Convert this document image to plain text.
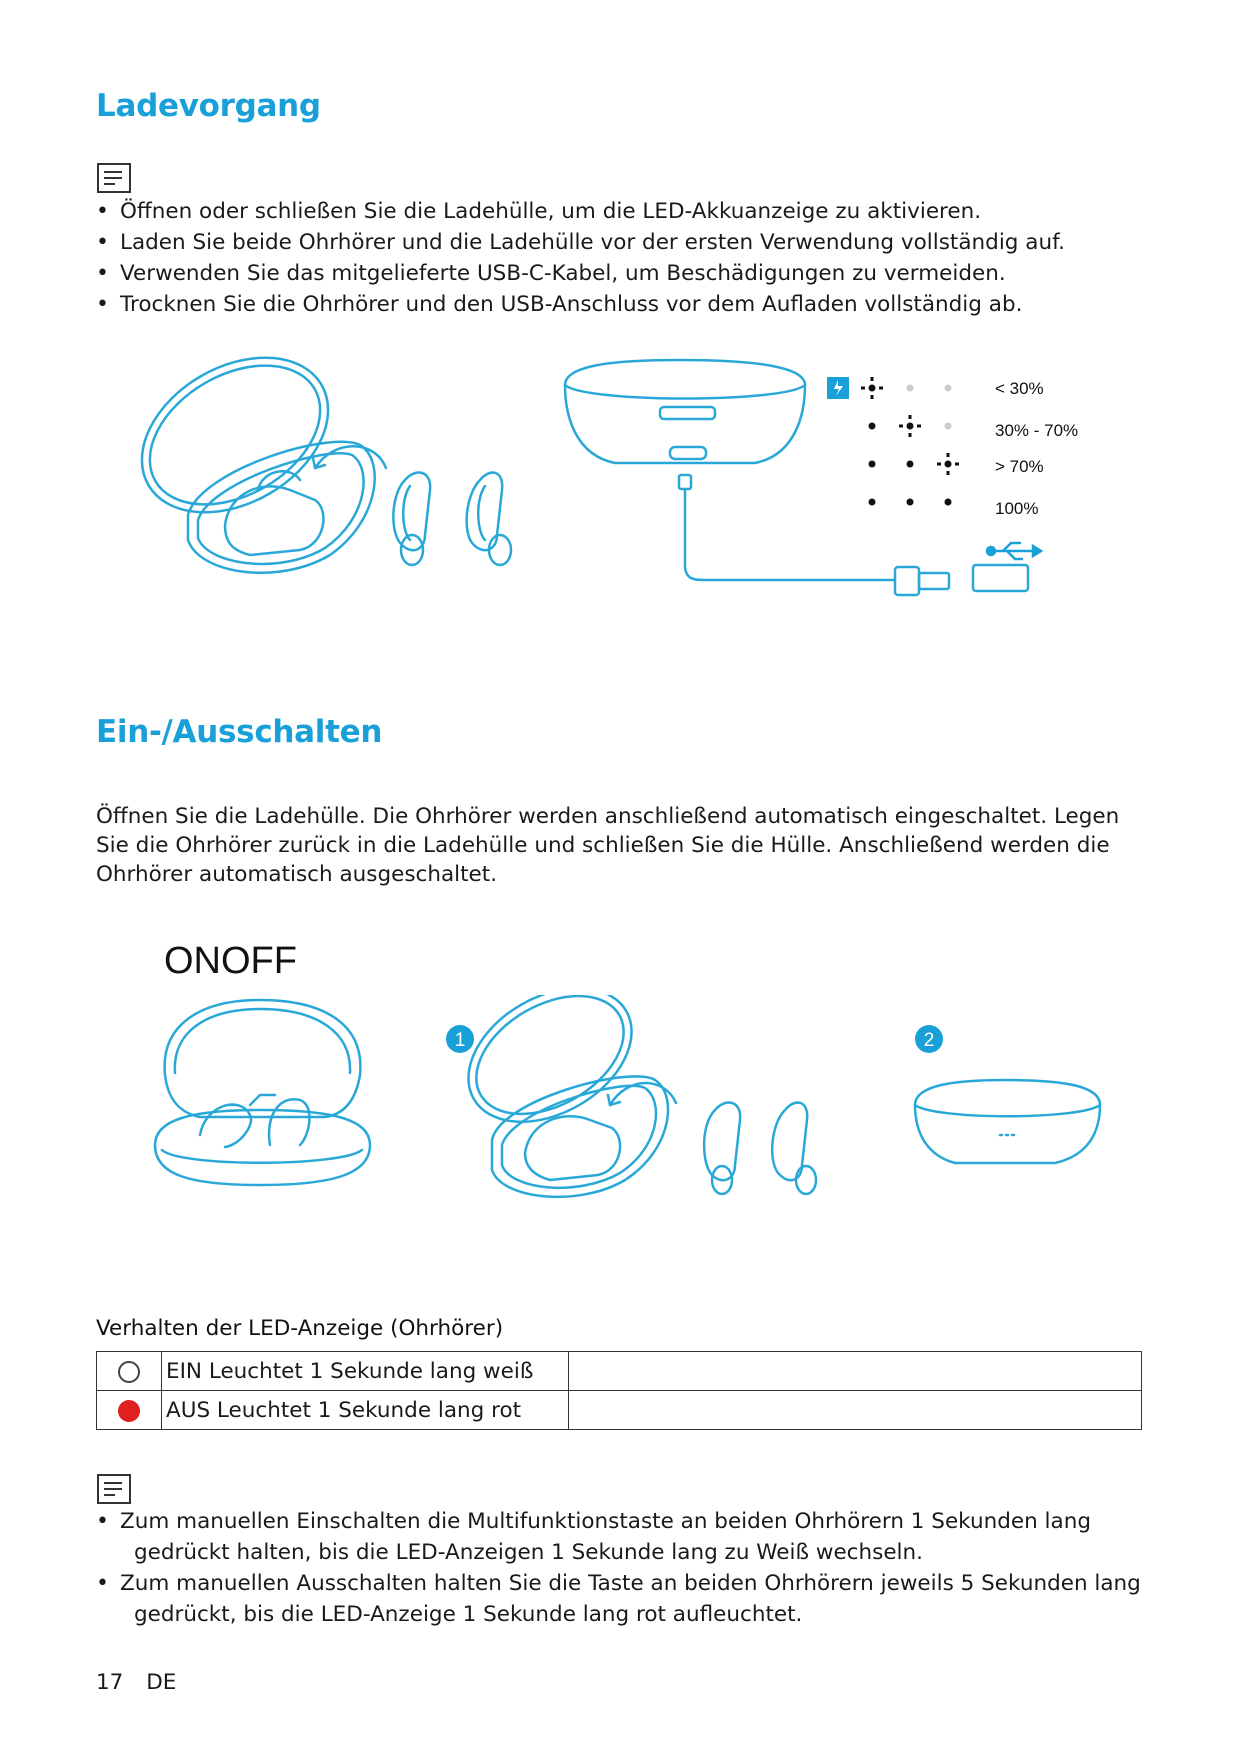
Ladevorgang
• Öffnen oder schließen Sie die Ladehülle, um die LED-Akkuanzeige zu aktivieren.
• Laden Sie beide Ohrhörer und die Ladehülle vor der ersten Verwendung vollständig auf.
• Verwenden Sie das mitgelieferte USB-C-Kabel, um Beschädigungen zu vermeiden.
• Trocknen Sie die Ohrhörer und den USB-Anschluss vor dem Aufladen vollständig ab.
< 30%
30% - 70%
> 70%
100%
Ein-/Ausschalten

Öffnen Sie die Ladehülle. Die Ohrhörer werden anschließend automatisch eingeschaltet. Legen Sie die Ohrhörer zurück in die Ladehülle und schließen Sie die Hülle. Anschließend werden die Ohrhörer automatisch ausgeschaltet.

ONOFF
1	2
Verhalten der LED-Anzeige (Ohrhörer)
	EIN Leuchtet 1 Sekunde lang weiß	
	AUS Leuchtet 1 Sekunde lang rot	
• Zum manuellen Einschalten die Multifunktionstaste an beiden Ohrhörern 1 Sekunden lang gedrückt halten, bis die LED-Anzeigen 1 Sekunde lang zu Weiß wechseln.
• Zum manuellen Ausschalten halten Sie die Taste an beiden Ohrhörern jeweils 5 Sekunden lang gedrückt, bis die LED-Anzeige 1 Sekunde lang rot aufleuchtet.
17 DE
